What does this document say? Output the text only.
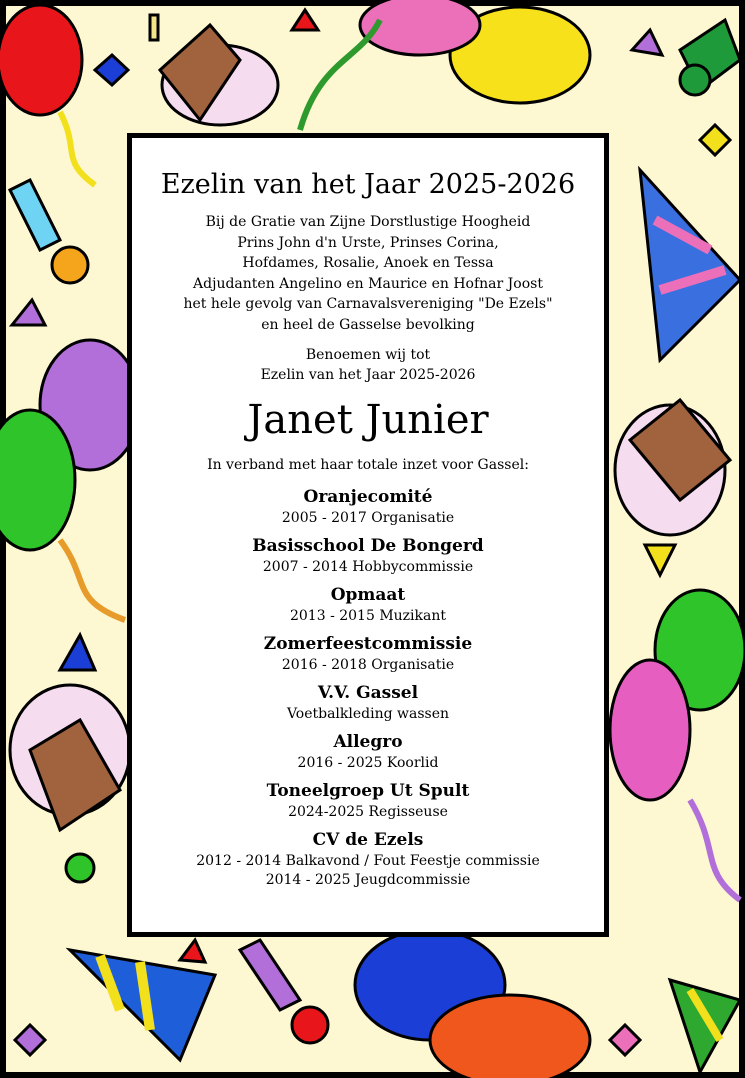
Ezelin van het Jaar 2025-2026
Bij de Gratie van Zijne Dorstlustige Hoogheid
Prins John d'n Urste, Prinses Corina,
Hofdames, Rosalie, Anoek en Tessa
Adjudanten Angelino en Maurice en Hofnar Joost
het hele gevolg van Carnavalsvereniging "De Ezels"
en heel de Gasselse bevolking
Benoemen wij tot
Ezelin van het Jaar 2025-2026
Janet Junier
In verband met haar totale inzet voor Gassel:
Oranjecomité
2005 - 2017 Organisatie
Basisschool De Bongerd
2007 - 2014 Hobbycommissie
Opmaat
2013 - 2015 Muzikant
Zomerfeestcommissie
2016 - 2018 Organisatie
V.V. Gassel
Voetbalkleding wassen
Allegro
2016 - 2025 Koorlid
Toneelgroep Ut Spult
2024-2025 Regisseuse
CV de Ezels
2012 - 2014 Balkavond / Fout Feestje commissie
2014 - 2025 Jeugdcommissie
